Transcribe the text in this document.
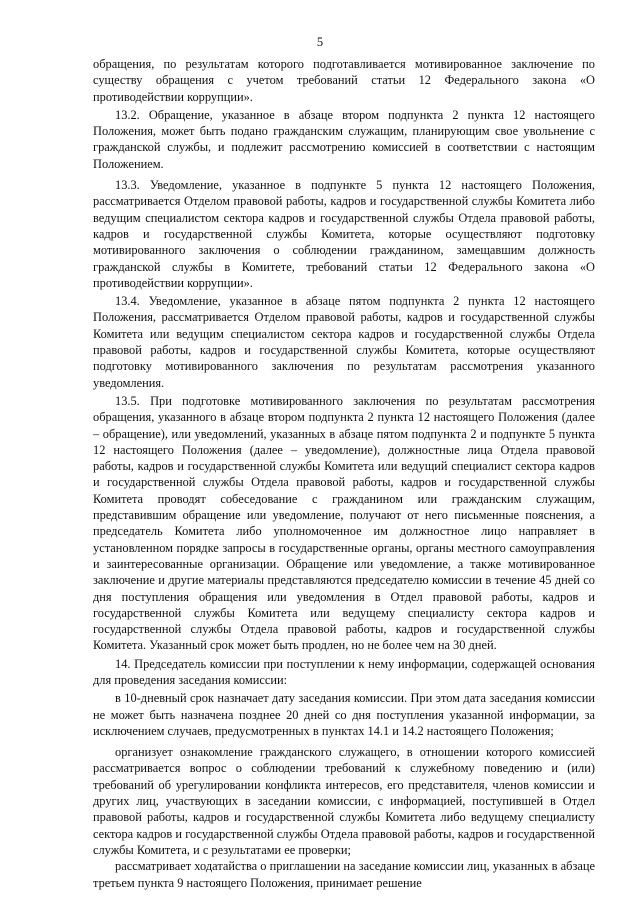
5

обращения, по результатам которого подготавливается мотивированное заключение по существу обращения с учетом требований статьи 12 Федерального закона «О противодействии коррупции».

13.2. Обращение, указанное в абзаце втором подпункта 2 пункта 12 настоящего Положения, может быть подано гражданским служащим, планирующим свое увольнение с гражданской службы, и подлежит рассмотрению комиссией в соответствии с настоящим Положением.

13.3. Уведомление, указанное в подпункте 5 пункта 12 настоящего Положения, рассматривается Отделом правовой работы, кадров и государственной службы Комитета либо ведущим специалистом сектора кадров и государственной службы Отдела правовой работы, кадров и государственной службы Комитета, которые осуществляют подготовку мотивированного заключения о соблюдении гражданином, замещавшим должность гражданской службы в Комитете, требований статьи 12 Федерального закона «О противодействии коррупции».

13.4. Уведомление, указанное в абзаце пятом подпункта 2 пункта 12 настоящего Положения, рассматривается Отделом правовой работы, кадров и государственной службы Комитета или ведущим специалистом сектора кадров и государственной службы Отдела правовой работы, кадров и государственной службы Комитета, которые осуществляют подготовку мотивированного заключения по результатам рассмотрения указанного уведомления.

13.5. При подготовке мотивированного заключения по результатам рассмотрения обращения, указанного в абзаце втором подпункта 2 пункта 12 настоящего Положения (далее – обращение), или уведомлений, указанных в абзаце пятом подпункта 2 и подпункте 5 пункта 12 настоящего Положения (далее – уведомление), должностные лица Отдела правовой работы, кадров и государственной службы Комитета или ведущий специалист сектора кадров и государственной службы Отдела правовой работы, кадров и государственной службы Комитета проводят собеседование с гражданином или гражданским служащим, представившим обращение или уведомление, получают от него письменные пояснения, а председатель Комитета либо уполномоченное им должностное лицо направляет в установленном порядке запросы в государственные органы, органы местного самоуправления и заинтересованные организации. Обращение или уведомление, а также мотивированное заключение и другие материалы представляются председателю комиссии в течение 45 дней со дня поступления обращения или уведомления в Отдел правовой работы, кадров и государственной службы Комитета или ведущему специалисту сектора кадров и государственной службы Отдела правовой работы, кадров и государственной службы Комитета. Указанный срок может быть продлен, но не более чем на 30 дней.

14. Председатель комиссии при поступлении к нему информации, содержащей основания для проведения заседания комиссии:

в 10-дневный срок назначает дату заседания комиссии. При этом дата заседания комиссии не может быть назначена позднее 20 дней со дня поступления указанной информации, за исключением случаев, предусмотренных в пунктах 14.1 и 14.2 настоящего Положения;

организует ознакомление гражданского служащего, в отношении которого комиссией рассматривается вопрос о соблюдении требований к служебному поведению и (или) требований об урегулировании конфликта интересов, его представителя, членов комиссии и других лиц, участвующих в заседании комиссии, с информацией, поступившей в Отдел правовой работы, кадров и государственной службы Комитета либо ведущему специалисту сектора кадров и государственной службы Отдела правовой работы, кадров и государственной службы Комитета, и с результатами ее проверки;

рассматривает ходатайства о приглашении на заседание комиссии лиц, указанных в абзаце третьем пункта 9 настоящего Положения, принимает решение
